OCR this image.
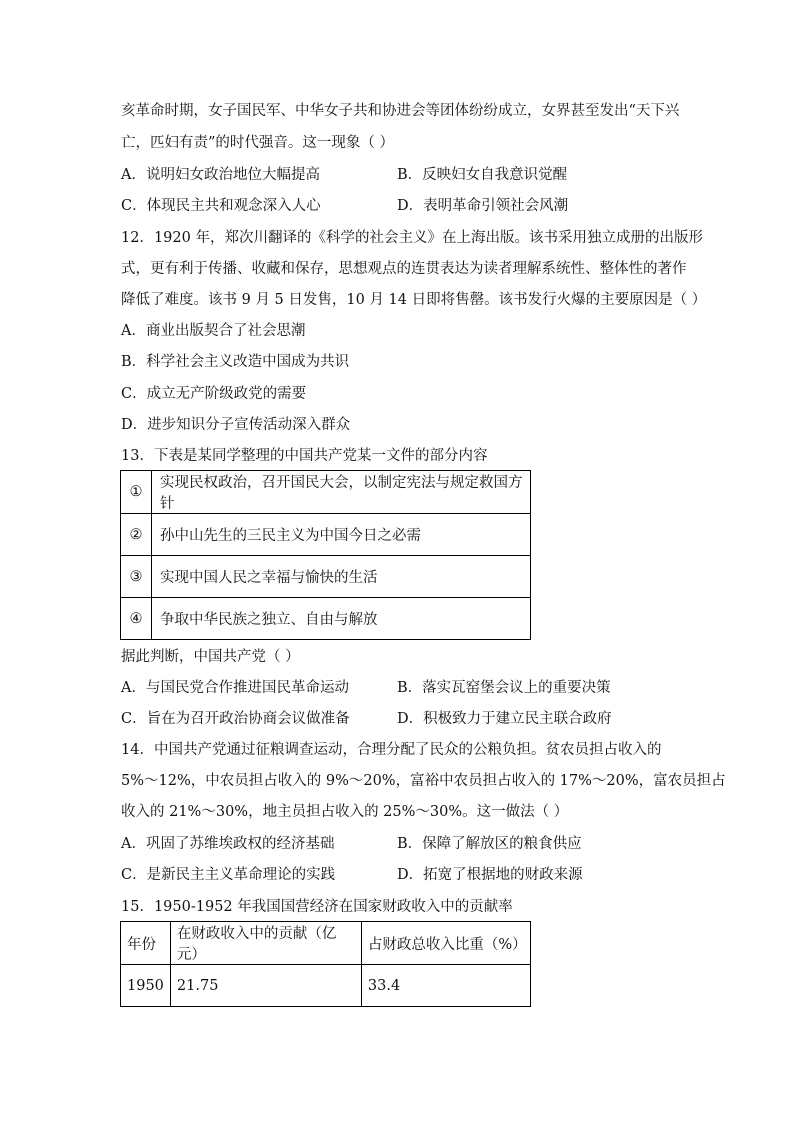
亥革命时期，女子国民军、中华女子共和协进会等团体纷纷成立，女界甚至发出“天下兴
亡，匹妇有责”的时代强音。这一现象（ ）
A．说明妇女政治地位大幅提高	B．反映妇女自我意识觉醒
C．体现民主共和观念深入人心	D．表明革命引领社会风潮
12．1920 年，郑次川翻译的《科学的社会主义》在上海出版。该书采用独立成册的出版形
式，更有利于传播、收藏和保存，思想观点的连贯表达为读者理解系统性、整体性的著作
降低了难度。该书 9 月 5 日发售，10 月 14 日即将售罄。该书发行火爆的主要原因是（ ）
A．商业出版契合了社会思潮
B．科学社会主义改造中国成为共识
C．成立无产阶级政党的需要
D．进步知识分子宣传活动深入群众
13．下表是某同学整理的中国共产党某一文件的部分内容
①	实现民权政治，召开国民大会，以制定宪法与规定救国方针
②	孙中山先生的三民主义为中国今日之必需
③	实现中国人民之幸福与愉快的生活
④	争取中华民族之独立、自由与解放
据此判断，中国共产党（ ）
A．与国民党合作推进国民革命运动	B．落实瓦窑堡会议上的重要决策
C．旨在为召开政治协商会议做准备	D．积极致力于建立民主联合政府
14．中国共产党通过征粮调查运动，合理分配了民众的公粮负担。贫农员担占收入的
5%～12%，中农员担占收入的 9%～20%，富裕中农员担占收入的 17%～20%，富农员担占
收入的 21%～30%，地主员担占收入的 25%～30%。这一做法（ ）
A．巩固了苏维埃政权的经济基础	B．保障了解放区的粮食供应
C．是新民主主义革命理论的实践	D．拓宽了根据地的财政来源
15．1950-1952 年我国国营经济在国家财政收入中的贡献率
年份	在财政收入中的贡献（亿元）	占财政总收入比重（%）
1950	21.75	33.4
